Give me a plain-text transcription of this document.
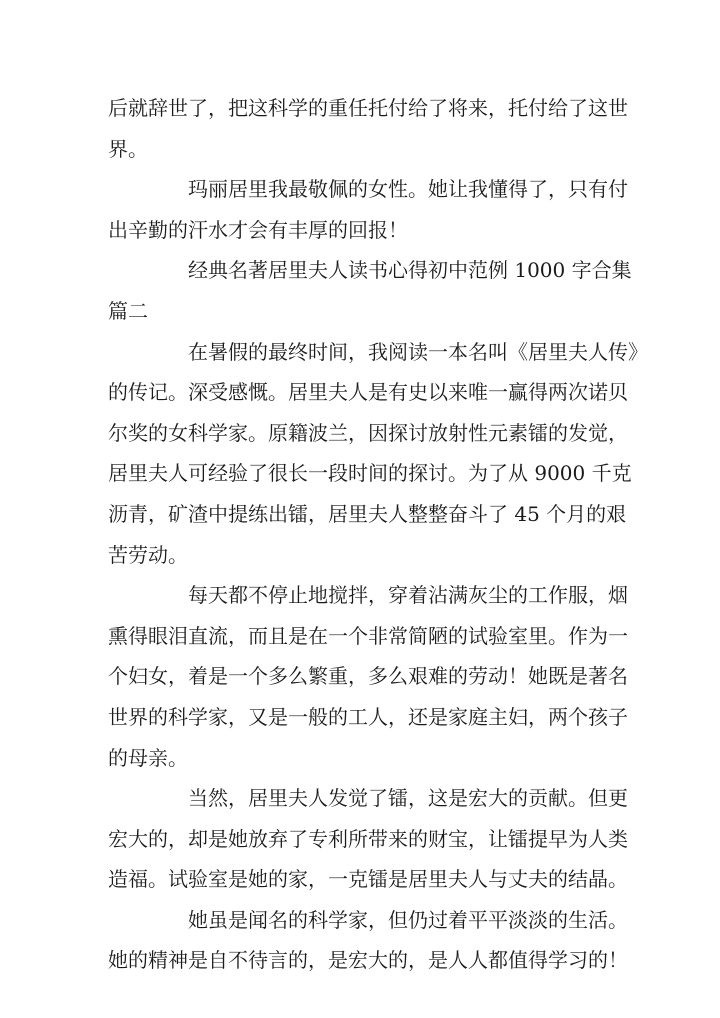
后就辞世了，把这科学的重任托付给了将来，托付给了这世
界。
玛丽居里我最敬佩的女性。她让我懂得了，只有付
出辛勤的汗水才会有丰厚的回报！
经典名著居里夫人读书心得初中范例 1000 字合集
篇二
在暑假的最终时间，我阅读一本名叫《居里夫人传》
的传记。深受感慨。居里夫人是有史以来唯一赢得两次诺贝
尔奖的女科学家。原籍波兰，因探讨放射性元素镭的发觉，
居里夫人可经验了很长一段时间的探讨。为了从 9000 千克
沥青，矿渣中提练出镭，居里夫人整整奋斗了 45 个月的艰
苦劳动。
每天都不停止地搅拌，穿着沾满灰尘的工作服，烟
熏得眼泪直流，而且是在一个非常简陋的试验室里。作为一
个妇女，着是一个多么繁重，多么艰难的劳动！她既是著名
世界的科学家，又是一般的工人，还是家庭主妇，两个孩子
的母亲。
当然，居里夫人发觉了镭，这是宏大的贡献。但更
宏大的，却是她放弃了专利所带来的财宝，让镭提早为人类
造福。试验室是她的家，一克镭是居里夫人与丈夫的结晶。
她虽是闻名的科学家，但仍过着平平淡淡的生活。
她的精神是自不待言的，是宏大的，是人人都值得学习的！
